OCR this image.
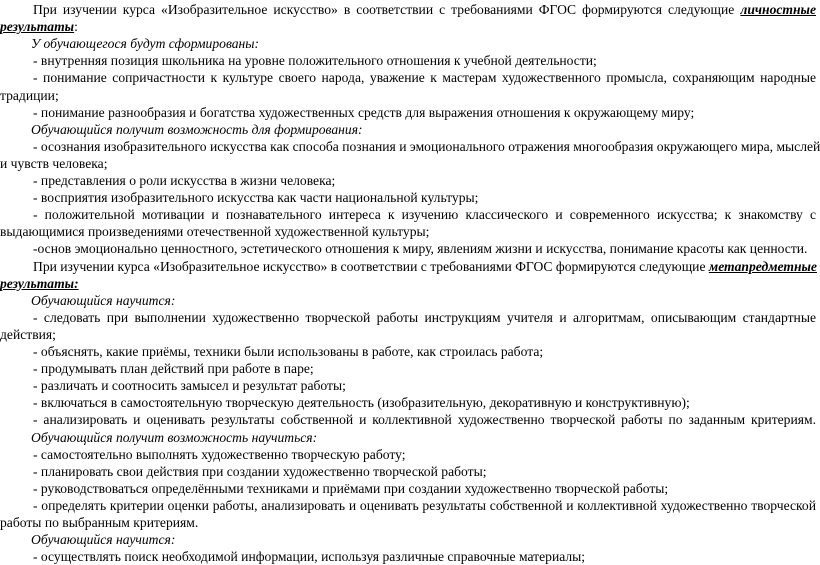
При изучении курса «Изобразительное искусство» в соответствии с требованиями ФГОС формируются следующие личностные
результаты:
У обучающегося будут сформированы:
- внутренняя позиция школьника на уровне положительного отношения к учебной деятельности;
- понимание сопричастности к культуре своего народа, уважение к мастерам художественного промысла, сохраняющим народные
традиции;
- понимание разнообразия и богатства художественных средств для выражения отношения к окружающему миру;
Обучающийся получит возможность для формирования:
- осознания изобразительного искусства как способа познания и эмоционального отражения многообразия окружающего мира, мыслей
и чувств человека;
- представления о роли искусства в жизни человека;
- восприятия изобразительного искусства как части национальной культуры;
- положительной мотивации и познавательного интереса к изучению классического и современного искусства; к знакомству с
выдающимися произведениями отечественной художественной культуры;
-основ эмоционально ценностного, эстетического отношения к миру, явлениям жизни и искусства, понимание красоты как ценности.
При изучении курса «Изобразительное искусство» в соответствии с требованиями ФГОС формируются следующие метапредметные
результаты:
Обучающийся научится:
- следовать при выполнении художественно творческой работы инструкциям учителя и алгоритмам, описывающим стандартные
действия;
- объяснять, какие приёмы, техники были использованы в работе, как строилась работа;
- продумывать план действий при работе в паре;
- различать и соотносить замысел и результат работы;
- включаться в самостоятельную творческую деятельность (изобразительную, декоративную и конструктивную);
- анализировать и оценивать результаты собственной и коллективной художественно творческой работы по заданным критериям.
Обучающийся получит возможность научиться:
- самостоятельно выполнять художественно творческую работу;
- планировать свои действия при создании художественно творческой работы;
- руководствоваться определёнными техниками и приёмами при создании художественно творческой работы;
- определять критерии оценки работы, анализировать и оценивать результаты собственной и коллективной художественно творческой
работы по выбранным критериям.
Обучающийся научится:
- осуществлять поиск необходимой информации, используя различные справочные материалы;
